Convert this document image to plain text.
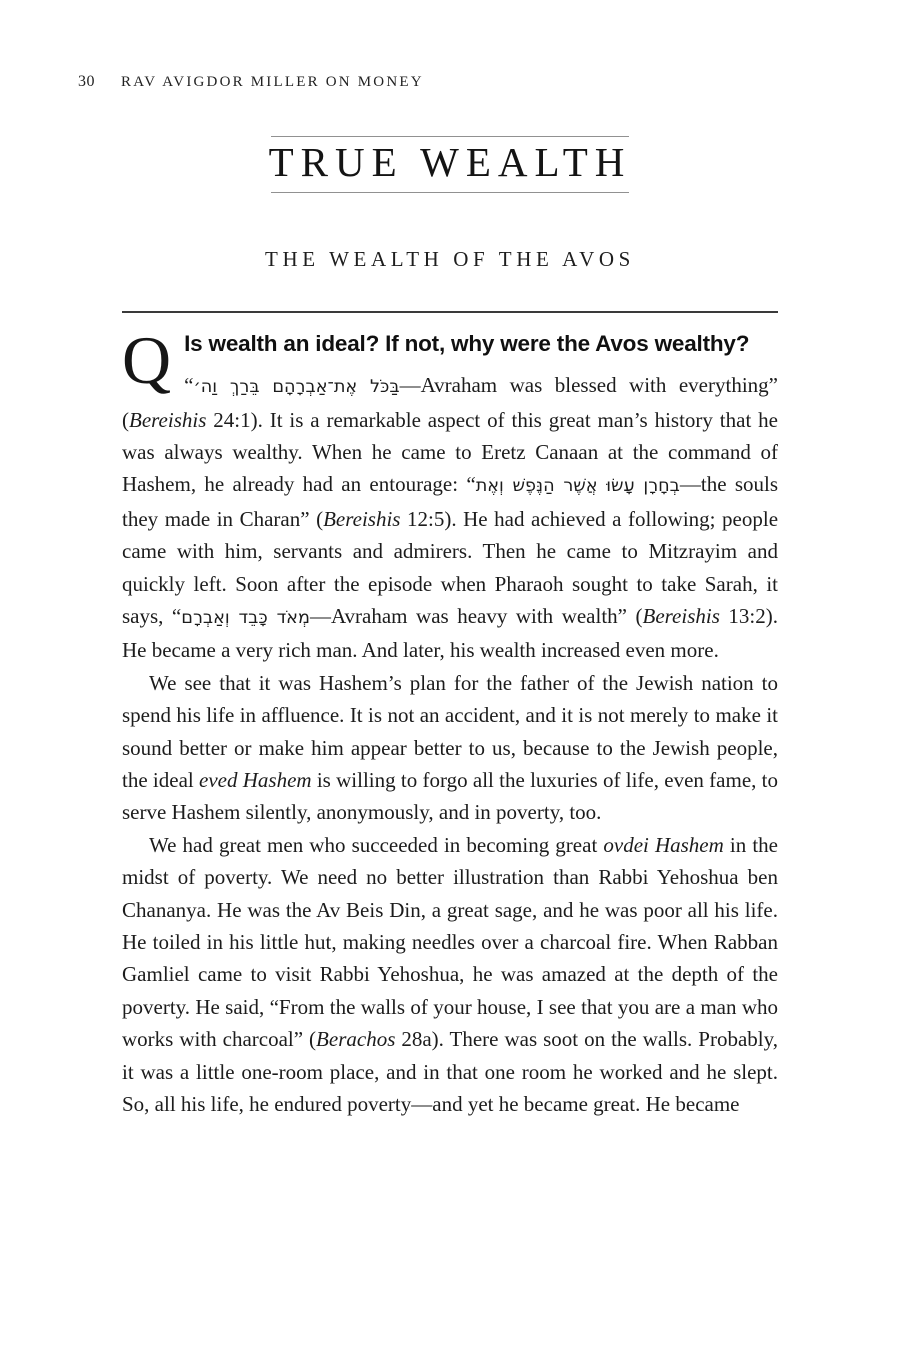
30 RAV AVIGDOR MILLER ON MONEY
TRUE WEALTH
THE WEALTH OF THE AVOS
Q Is wealth an ideal? If not, why were the Avos wealthy?

“וַה׳‎ בֵּרַךְ‎ אֶת־אַבְרָהָם‎ בַּכֹּל—Avraham was blessed with everything” (Bereishis 24:1). It is a remarkable aspect of this great man’s history that he was always wealthy. When he came to Eretz Canaan at the command of Hashem, he already had an entourage: “וְאֶת‎ הַנֶּפֶשׁ‎ אֲשֶׁר‎ עָשׂוּ‎ בְחָרָן—the souls they made in Charan” (Bereishis 12:5). He had achieved a following; people came with him, servants and admirers. Then he came to Mitzrayim and quickly left. Soon after the episode when Pharaoh sought to take Sarah, it says, “וְאַבְרָם‎ כָּבֵד‎ מְאֹד—Avraham was heavy with wealth” (Bereishis 13:2). He became a very rich man. And later, his wealth increased even more.

We see that it was Hashem’s plan for the father of the Jewish nation to spend his life in affluence. It is not an accident, and it is not merely to make it sound better or make him appear better to us, because to the Jewish people, the ideal eved Hashem is willing to forgo all the luxuries of life, even fame, to serve Hashem silently, anonymously, and in poverty, too.

We had great men who succeeded in becoming great ovdei Hashem in the midst of poverty. We need no better illustration than Rabbi Yehoshua ben Chananya. He was the Av Beis Din, a great sage, and he was poor all his life. He toiled in his little hut, making needles over a charcoal fire. When Rabban Gamliel came to visit Rabbi Yehoshua, he was amazed at the depth of the poverty. He said, “From the walls of your house, I see that you are a man who works with charcoal” (Berachos 28a). There was soot on the walls. Probably, it was a little one-room place, and in that one room he worked and he slept. So, all his life, he endured poverty—and yet he became great. He became
